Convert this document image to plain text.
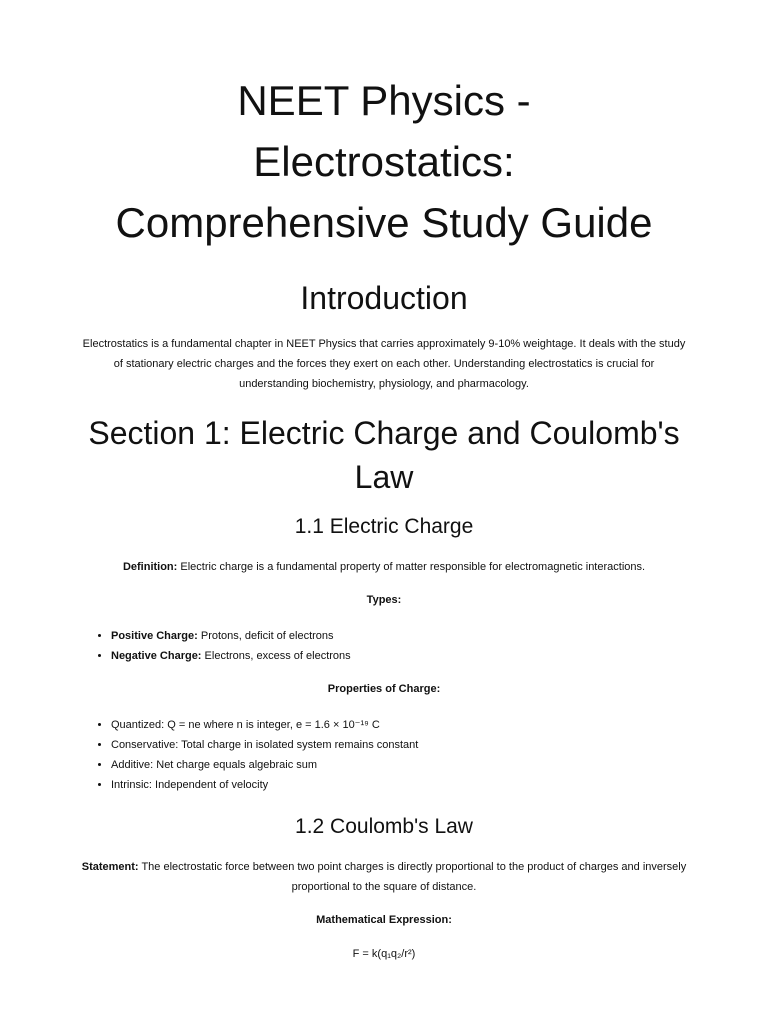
NEET Physics -
Electrostatics:
Comprehensive Study Guide
Introduction

Electrostatics is a fundamental chapter in NEET Physics that carries approximately 9-10% weightage. It deals with the study of stationary electric charges and the forces they exert on each other. Understanding electrostatics is crucial for understanding biochemistry, physiology, and pharmacology.

Section 1: Electric Charge and Coulomb's Law
1.1 Electric Charge

Definition: Electric charge is a fundamental property of matter responsible for electromagnetic interactions.

Types:

• Positive Charge: Protons, deficit of electrons
• Negative Charge: Electrons, excess of electrons

Properties of Charge:

• Quantized: Q = ne where n is integer, e = 1.6 × 10⁻¹⁹ C
• Conservative: Total charge in isolated system remains constant
• Additive: Net charge equals algebraic sum
• Intrinsic: Independent of velocity
1.2 Coulomb's Law

Statement: The electrostatic force between two point charges is directly proportional to the product of charges and inversely proportional to the square of distance.

Mathematical Expression:

F = k(q₁q₂/r²)
